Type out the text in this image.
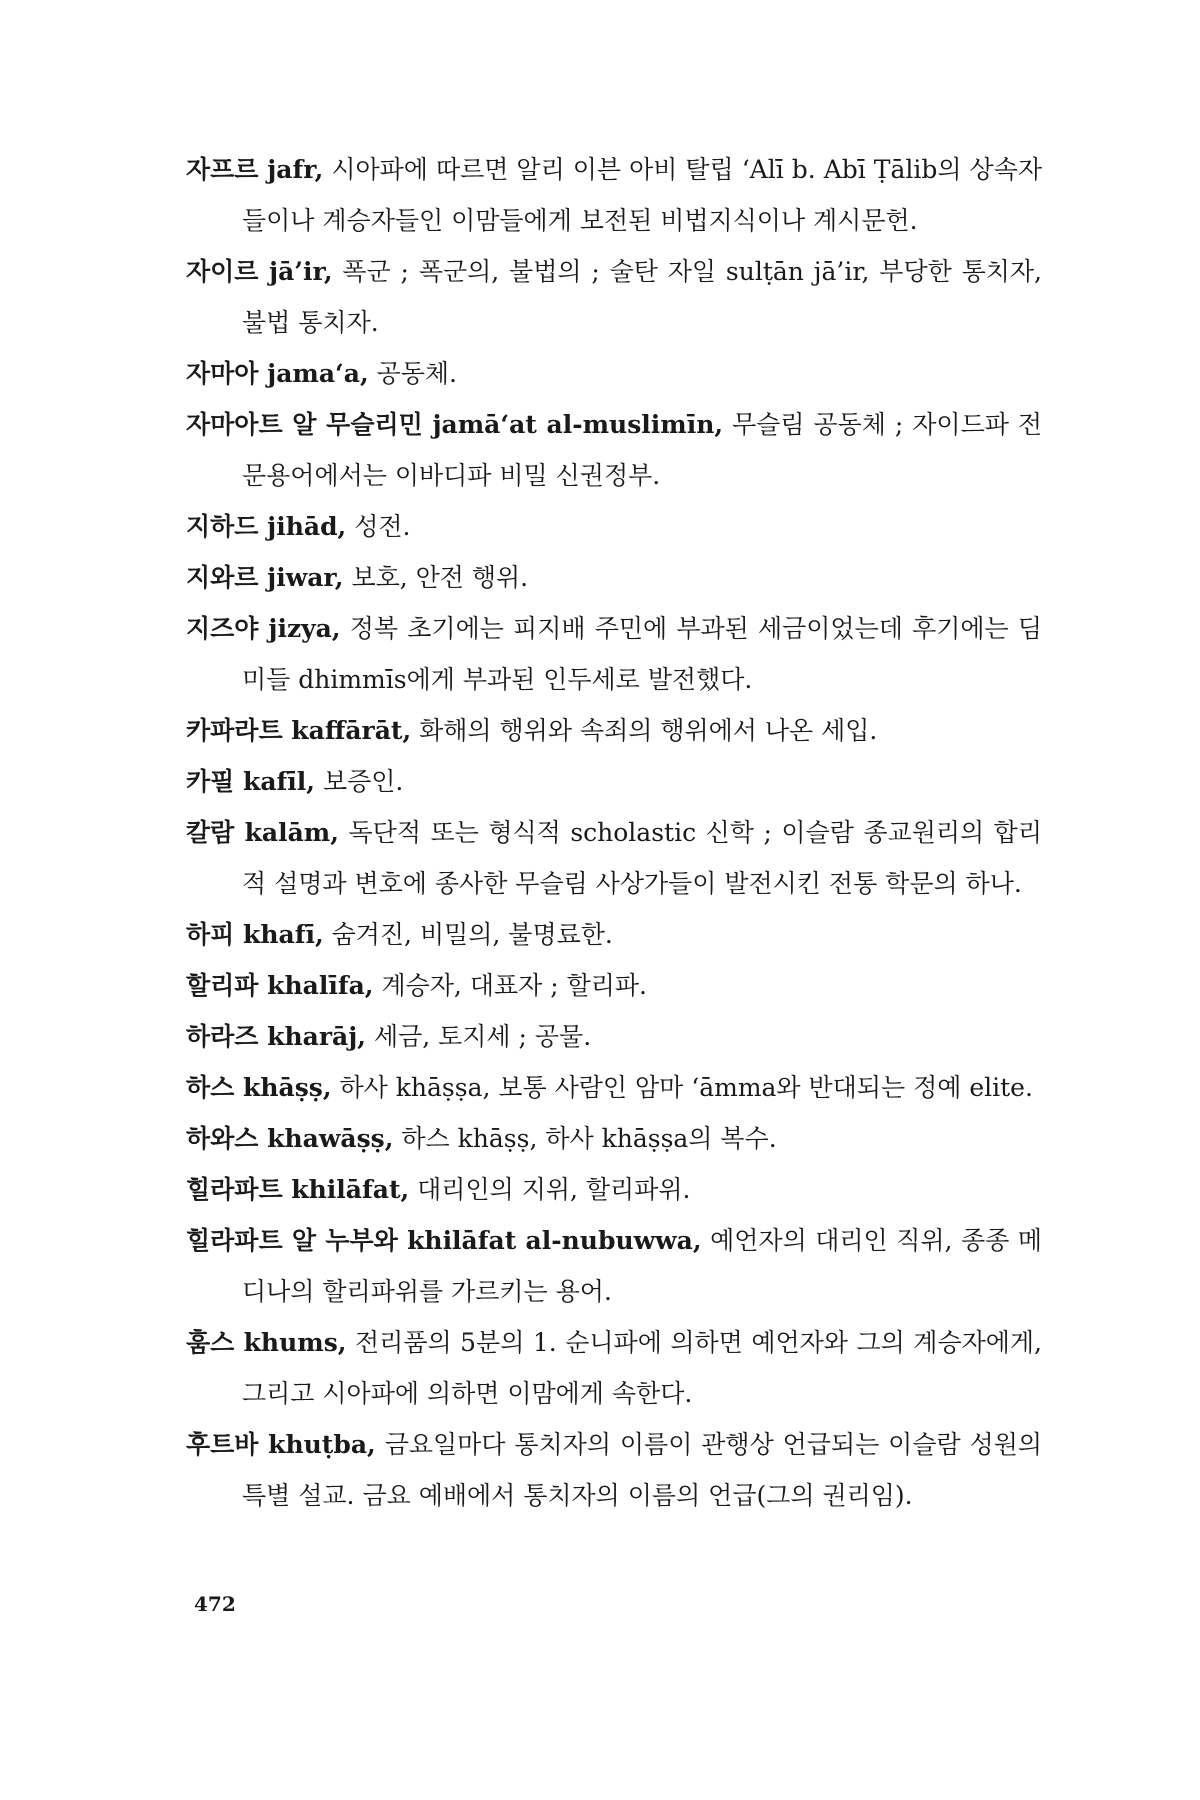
자프르 jafr, 시아파에 따르면 알리 이븐 아비 탈립 ‘Alī b. Abī Ṭālib의 상속자들이나 계승자들인 이맘들에게 보전된 비법지식이나 계시문헌.

자이르 jā’ir, 폭군 ; 폭군의, 불법의 ; 술탄 자일 sulṭān jā’ir, 부당한 통치자, 불법 통치자.

자마아 jama‘a, 공동체.

자마아트 알 무슬리민 jamā‘at al-muslimīn, 무슬림 공동체 ; 자이드파 전문용어에서는 이바디파 비밀 신권정부.

지하드 jihād, 성전.

지와르 jiwar, 보호, 안전 행위.

지즈야 jizya, 정복 초기에는 피지배 주민에 부과된 세금이었는데 후기에는 딤미들 dhimmīs에게 부과된 인두세로 발전했다.

카파라트 kaffārāt, 화해의 행위와 속죄의 행위에서 나온 세입.

카필 kafīl, 보증인.

칼람 kalām, 독단적 또는 형식적 scholastic 신학 ; 이슬람 종교원리의 합리적 설명과 변호에 종사한 무슬림 사상가들이 발전시킨 전통 학문의 하나.

하피 khafī, 숨겨진, 비밀의, 불명료한.

할리파 khalīfa, 계승자, 대표자 ; 할리파.

하라즈 kharāj, 세금, 토지세 ; 공물.

하스 khāṣṣ, 하사 khāṣṣa, 보통 사람인 암마 ‘āmma와 반대되는 정예 elite.

하와스 khawāṣṣ, 하스 khāṣṣ, 하사 khāṣṣa의 복수.

힐라파트 khilāfat, 대리인의 지위, 할리파위.

힐라파트 알 누부와 khilāfat al-nubuwwa, 예언자의 대리인 직위, 종종 메디나의 할리파위를 가르키는 용어.

훔스 khums, 전리품의 5분의 1. 순니파에 의하면 예언자와 그의 계승자에게, 그리고 시아파에 의하면 이맘에게 속한다.

후트바 khuṭba, 금요일마다 통치자의 이름이 관행상 언급되는 이슬람 성원의 특별 설교. 금요 예배에서 통치자의 이름의 언급(그의 권리임).

472
